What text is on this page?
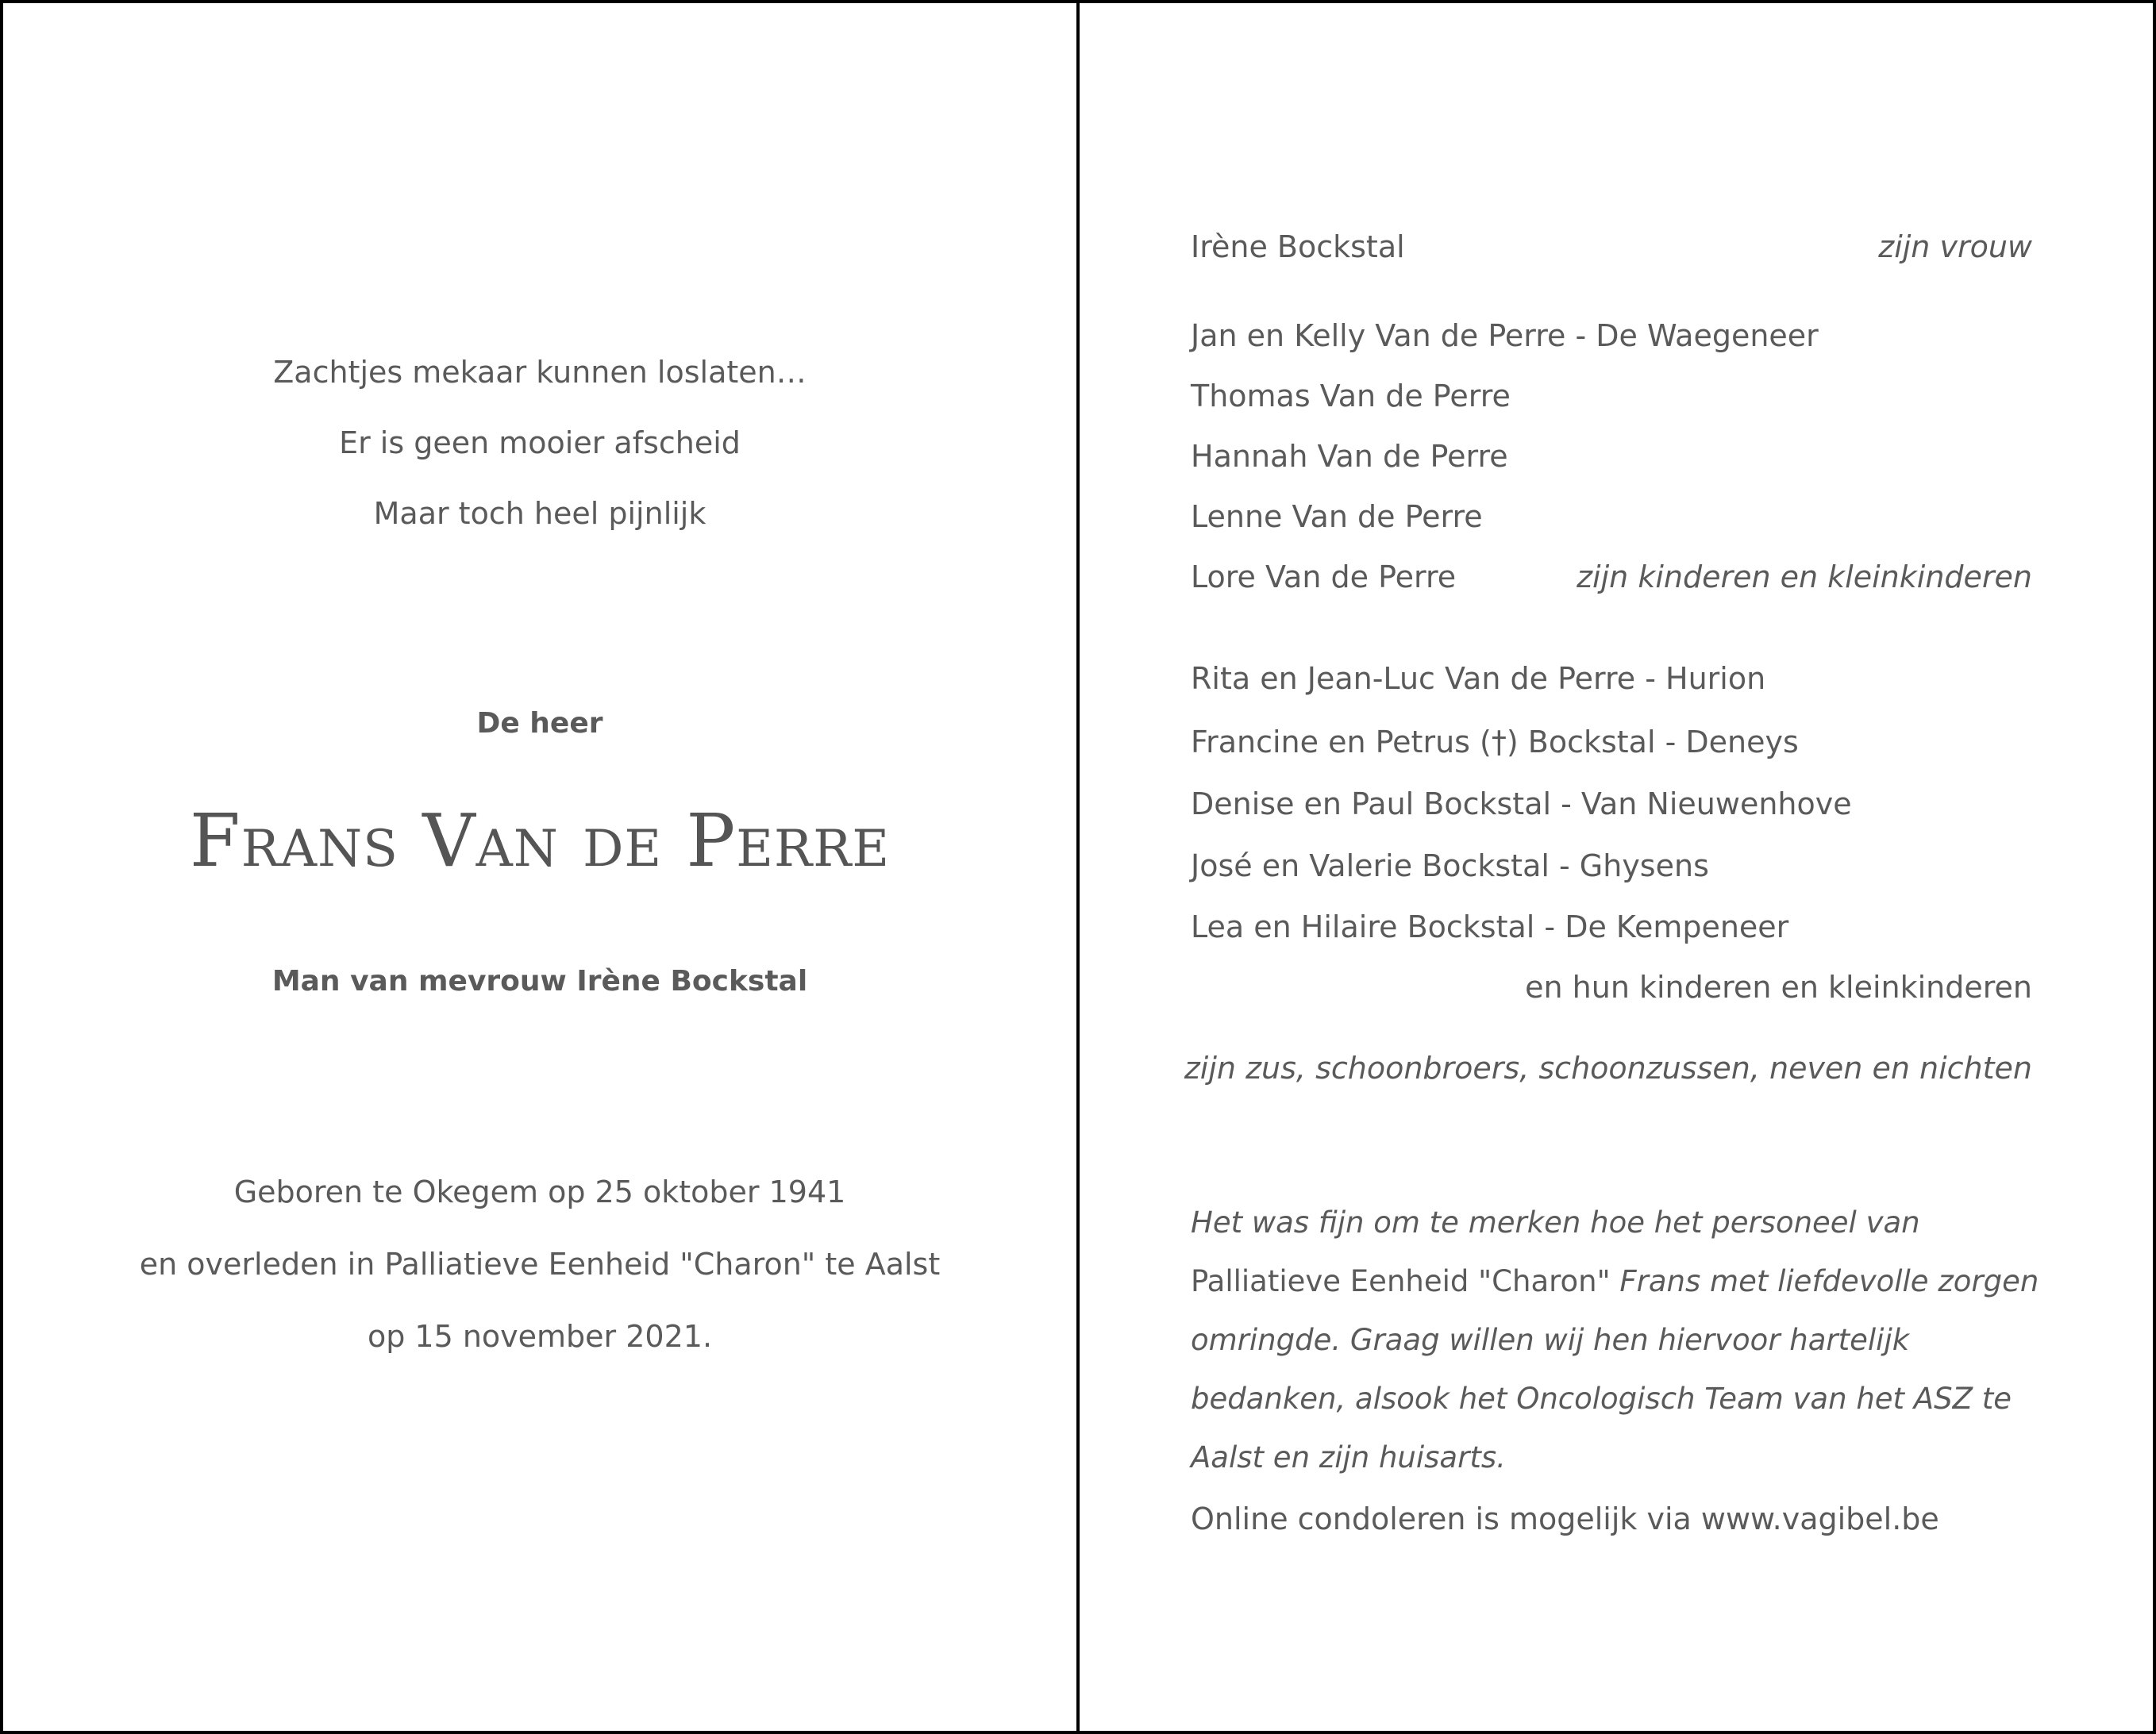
Zachtjes mekaar kunnen loslaten…
Er is geen mooier afscheid
Maar toch heel pijnlijk
De heer
Frans Van de Perre
Man van mevrouw Irène Bockstal
Geboren te Okegem op 25 oktober 1941
en overleden in Palliatieve Eenheid "Charon" te Aalst
op 15 november 2021.
Irène Bockstal	zijn vrouw
Jan en Kelly Van de Perre - De Waegeneer
Thomas Van de Perre
Hannah Van de Perre
Lenne Van de Perre
Lore Van de Perre	zijn kinderen en kleinkinderen
Rita en Jean-Luc Van de Perre - Hurion
Francine en Petrus (†) Bockstal - Deneys
Denise en Paul Bockstal - Van Nieuwenhove
José en Valerie Bockstal - Ghysens
Lea en Hilaire Bockstal - De Kempeneer
en hun kinderen en kleinkinderen
zijn zus, schoonbroers, schoonzussen, neven en nichten
Het was fijn om te merken hoe het personeel van Palliatieve Eenheid "Charon" Frans met liefdevolle zorgen omringde. Graag willen wij hen hiervoor hartelijk bedanken, alsook het Oncologisch Team van het ASZ te Aalst en zijn huisarts.
Online condoleren is mogelijk via www.vagibel.be
